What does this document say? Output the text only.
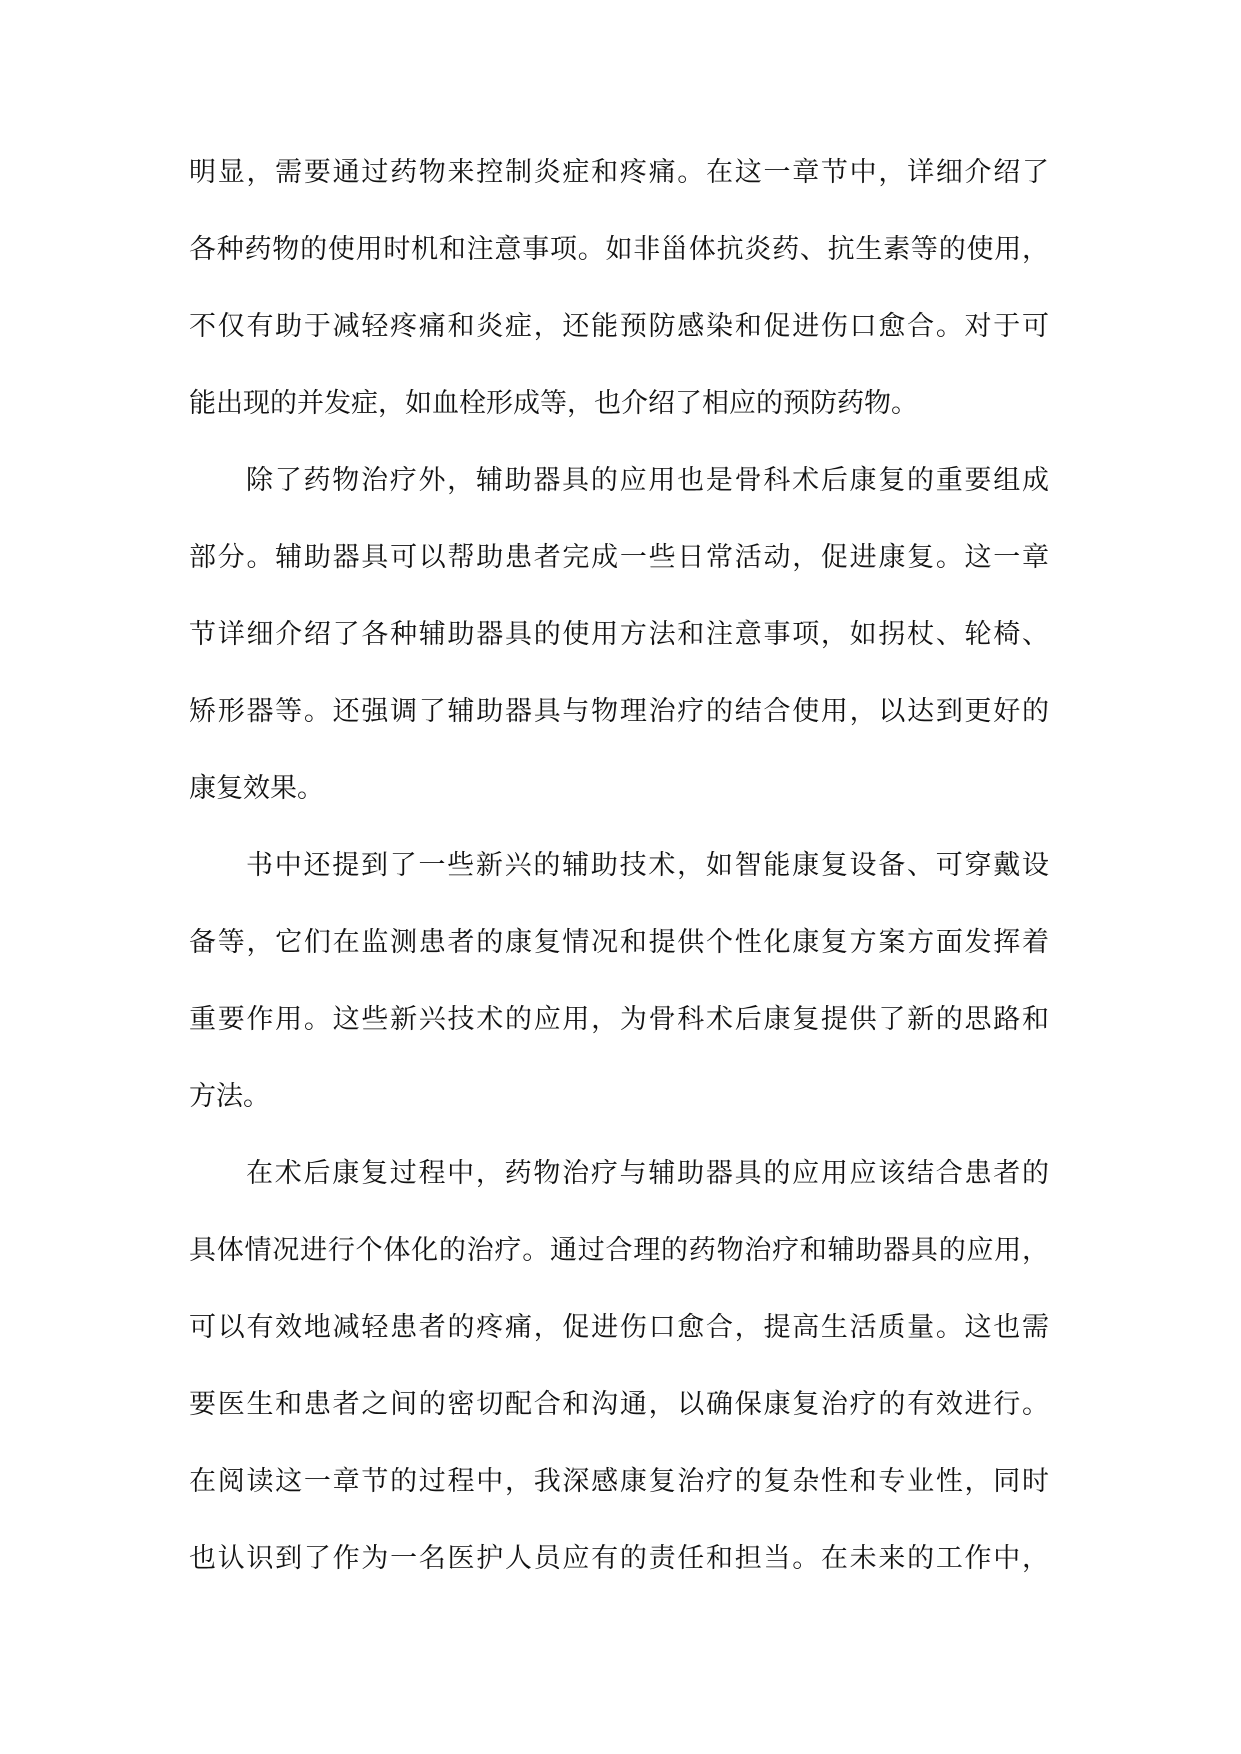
明显，需要通过药物来控制炎症和疼痛。在这一章节中，详细介绍了
各种药物的使用时机和注意事项。如非甾体抗炎药、抗生素等的使用，
不仅有助于减轻疼痛和炎症，还能预防感染和促进伤口愈合。对于可
能出现的并发症，如血栓形成等，也介绍了相应的预防药物。
除了药物治疗外，辅助器具的应用也是骨科术后康复的重要组成
部分。辅助器具可以帮助患者完成一些日常活动，促进康复。这一章
节详细介绍了各种辅助器具的使用方法和注意事项，如拐杖、轮椅、
矫形器等。还强调了辅助器具与物理治疗的结合使用，以达到更好的
康复效果。
书中还提到了一些新兴的辅助技术，如智能康复设备、可穿戴设
备等，它们在监测患者的康复情况和提供个性化康复方案方面发挥着
重要作用。这些新兴技术的应用，为骨科术后康复提供了新的思路和
方法。
在术后康复过程中，药物治疗与辅助器具的应用应该结合患者的
具体情况进行个体化的治疗。通过合理的药物治疗和辅助器具的应用，
可以有效地减轻患者的疼痛，促进伤口愈合，提高生活质量。这也需
要医生和患者之间的密切配合和沟通，以确保康复治疗的有效进行。
在阅读这一章节的过程中，我深感康复治疗的复杂性和专业性，同时
也认识到了作为一名医护人员应有的责任和担当。在未来的工作中，
